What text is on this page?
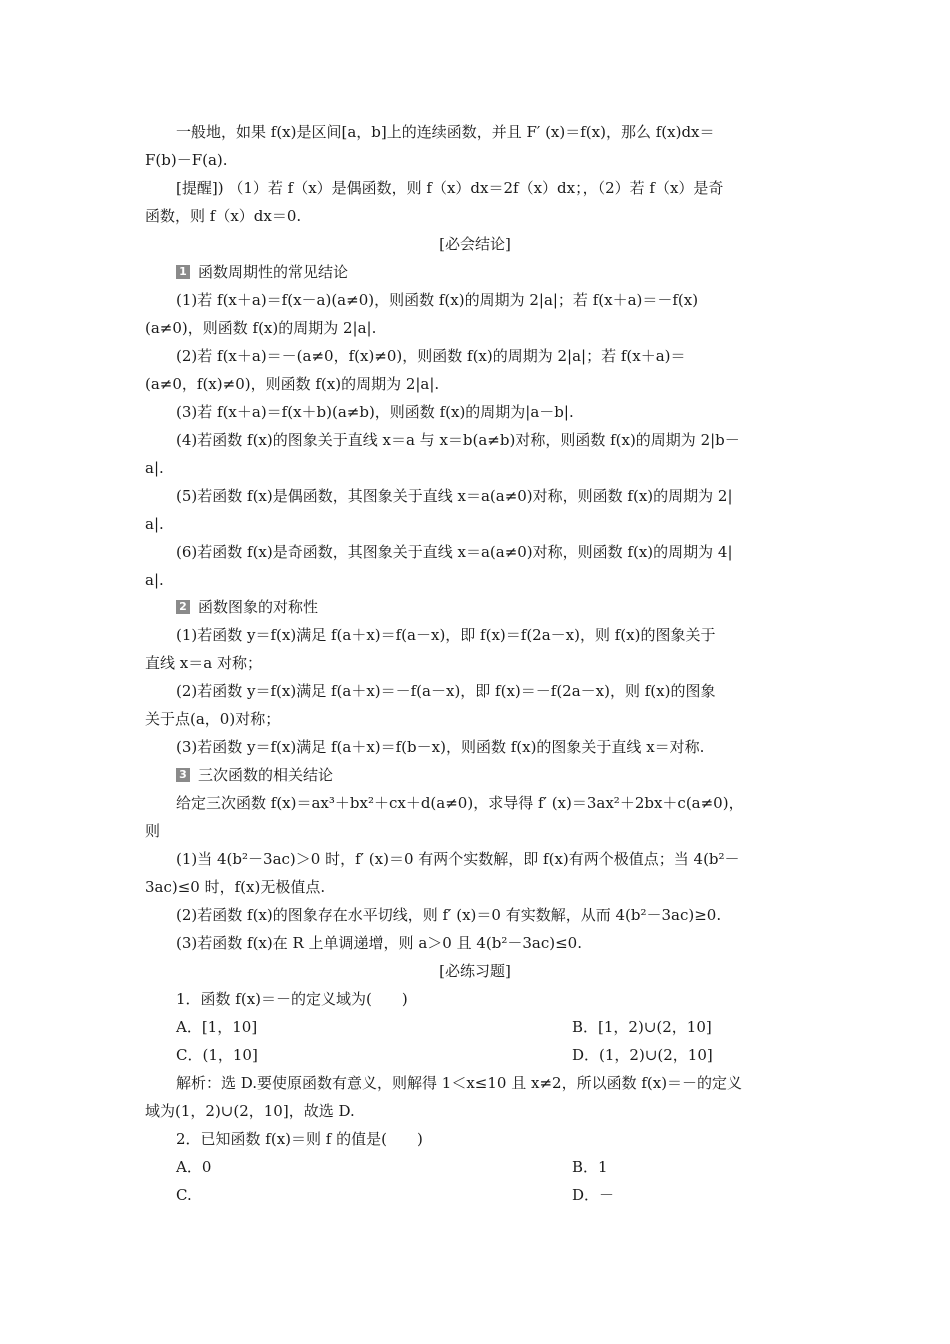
一般地，如果 f(x)是区间[a，b]上的连续函数，并且 F′ (x)＝f(x)，那么 f(x)dx＝
F(b)－F(a).
[提醒]) （1）若 f（x）是偶函数，则 f（x）dx＝2f（x）dx；，（2）若 f（x）是奇
函数，则 f（x）dx＝0.
[必会结论]
1 函数周期性的常见结论
(1)若 f(x＋a)＝f(x－a)(a≠0)，则函数 f(x)的周期为 2|a|；若 f(x＋a)＝－f(x)
(a≠0)，则函数 f(x)的周期为 2|a|.
(2)若 f(x＋a)＝－(a≠0，f(x)≠0)，则函数 f(x)的周期为 2|a|；若 f(x＋a)＝
(a≠0，f(x)≠0)，则函数 f(x)的周期为 2|a|.
(3)若 f(x＋a)＝f(x＋b)(a≠b)，则函数 f(x)的周期为|a－b|.
(4)若函数 f(x)的图象关于直线 x＝a 与 x＝b(a≠b)对称，则函数 f(x)的周期为 2|b－
a|.
(5)若函数 f(x)是偶函数，其图象关于直线 x＝a(a≠0)对称，则函数 f(x)的周期为 2|
a|.
(6)若函数 f(x)是奇函数，其图象关于直线 x＝a(a≠0)对称，则函数 f(x)的周期为 4|
a|.
2 函数图象的对称性
(1)若函数 y＝f(x)满足 f(a＋x)＝f(a－x)，即 f(x)＝f(2a－x)，则 f(x)的图象关于
直线 x＝a 对称；
(2)若函数 y＝f(x)满足 f(a＋x)＝－f(a－x)，即 f(x)＝－f(2a－x)，则 f(x)的图象
关于点(a，0)对称；
(3)若函数 y＝f(x)满足 f(a＋x)＝f(b－x)，则函数 f(x)的图象关于直线 x＝对称.
3 三次函数的相关结论
给定三次函数 f(x)＝ax³＋bx²＋cx＋d(a≠0)，求导得 f′ (x)＝3ax²＋2bx＋c(a≠0)，
则
(1)当 4(b²－3ac)＞0 时，f′ (x)＝0 有两个实数解，即 f(x)有两个极值点；当 4(b²－
3ac)≤0 时，f(x)无极值点.
(2)若函数 f(x)的图象存在水平切线，则 f′ (x)＝0 有实数解，从而 4(b²－3ac)≥0.
(3)若函数 f(x)在 R 上单调递增，则 a＞0 且 4(b²－3ac)≤0.
[必练习题]
1．函数 f(x)＝－的定义域为(　　)
A．[1，10]	B．[1，2)∪(2，10]
C．(1，10]	D．(1，2)∪(2，10]
解析：选 D.要使原函数有意义，则解得 1＜x≤10 且 x≠2，所以函数 f(x)＝－的定义
域为(1，2)∪(2，10]，故选 D.
2．已知函数 f(x)＝则 f 的值是(　　)
A．0	B．1
C.	D．－
